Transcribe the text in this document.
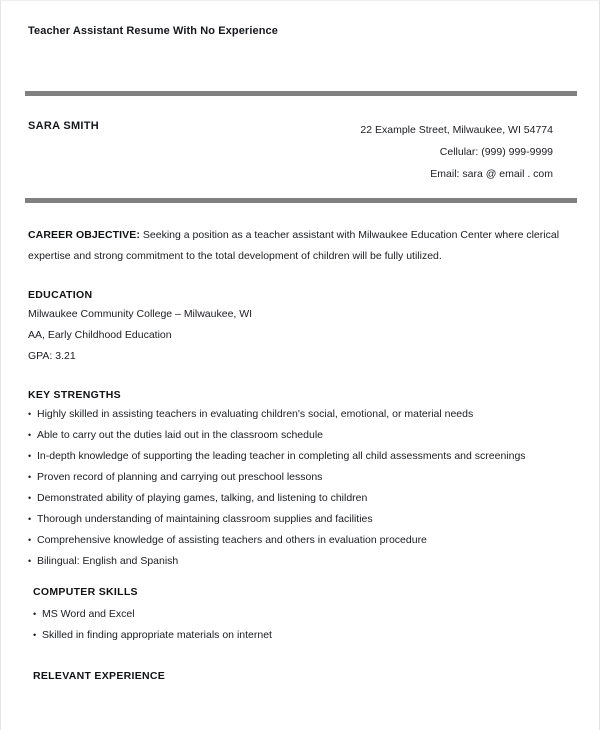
Teacher Assistant Resume With No Experience
SARA SMITH	22 Example Street, Milwaukee, WI 54774
Cellular: (999) 999-9999
Email: sara @ email . com
CAREER OBJECTIVE: Seeking a position as a teacher assistant with Milwaukee Education Center where clerical expertise and strong commitment to the total development of children will be fully utilized.
EDUCATION
Milwaukee Community College – Milwaukee, WI
AA, Early Childhood Education
GPA: 3.21
KEY STRENGTHS
• Highly skilled in assisting teachers in evaluating children's social, emotional, or material needs
• Able to carry out the duties laid out in the classroom schedule
• In-depth knowledge of supporting the leading teacher in completing all child assessments and screenings
• Proven record of planning and carrying out preschool lessons
• Demonstrated ability of playing games, talking, and listening to children
• Thorough understanding of maintaining classroom supplies and facilities
• Comprehensive knowledge of assisting teachers and others in evaluation procedure
• Bilingual: English and Spanish
COMPUTER SKILLS
• MS Word and Excel
• Skilled in finding appropriate materials on internet
RELEVANT EXPERIENCE
